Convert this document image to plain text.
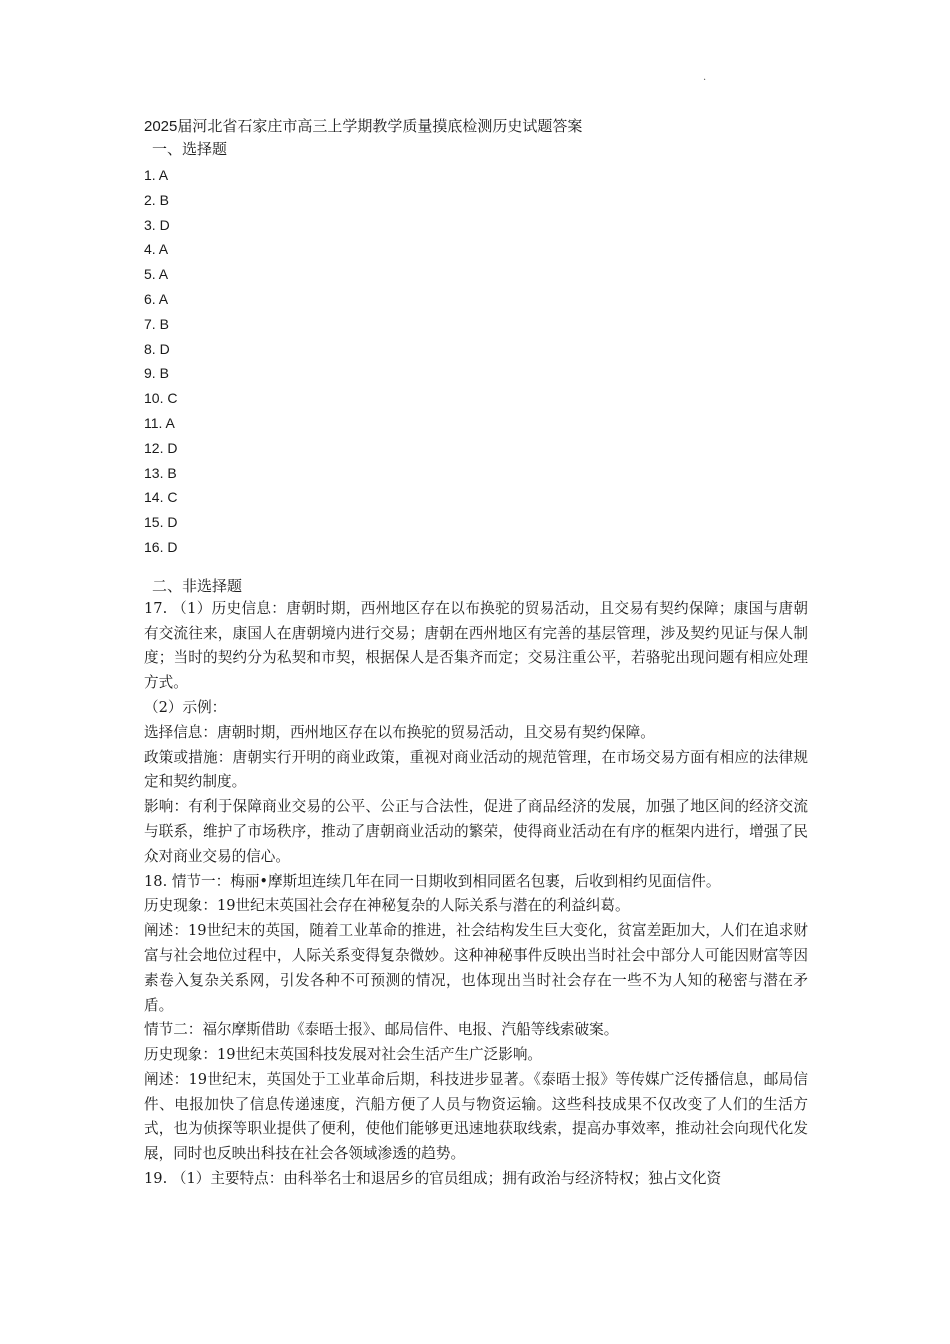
.
2025届河北省石家庄市高三上学期教学质量摸底检测历史试题答案
一、选择题
1. A
2. B
3. D
4. A
5. A
6. A
7. B
8. D
9. B
10. C
11. A
12. D
13. B
14. C
15. D
16. D
二、非选择题

17. （1）历史信息：唐朝时期，西州地区存在以布换驼的贸易活动，且交易有契约保障；康国与唐朝有交流往来，康国人在唐朝境内进行交易；唐朝在西州地区有完善的基层管理，涉及契约见证与保人制度；当时的契约分为私契和市契，根据保人是否集齐而定；交易注重公平，若骆驼出现问题有相应处理方式。

（2）示例：

选择信息：唐朝时期，西州地区存在以布换驼的贸易活动，且交易有契约保障。

政策或措施：唐朝实行开明的商业政策，重视对商业活动的规范管理，在市场交易方面有相应的法律规定和契约制度。

影响：有利于保障商业交易的公平、公正与合法性，促进了商品经济的发展，加强了地区间的经济交流与联系，维护了市场秩序，推动了唐朝商业活动的繁荣，使得商业活动在有序的框架内进行，增强了民众对商业交易的信心。

18. 情节一：梅丽•摩斯坦连续几年在同一日期收到相同匿名包裹，后收到相约见面信件。

历史现象：19世纪末英国社会存在神秘复杂的人际关系与潜在的利益纠葛。

阐述：19世纪末的英国，随着工业革命的推进，社会结构发生巨大变化，贫富差距加大，人们在追求财富与社会地位过程中，人际关系变得复杂微妙。这种神秘事件反映出当时社会中部分人可能因财富等因素卷入复杂关系网，引发各种不可预测的情况，也体现出当时社会存在一些不为人知的秘密与潜在矛盾。

情节二：福尔摩斯借助《泰晤士报》、邮局信件、电报、汽船等线索破案。

历史现象：19世纪末英国科技发展对社会生活产生广泛影响。

阐述：19世纪末，英国处于工业革命后期，科技进步显著。《泰晤士报》等传媒广泛传播信息，邮局信件、电报加快了信息传递速度，汽船方便了人员与物资运输。这些科技成果不仅改变了人们的生活方式，也为侦探等职业提供了便利，使他们能够更迅速地获取线索，提高办事效率，推动社会向现代化发展，同时也反映出科技在社会各领域渗透的趋势。

19. （1）主要特点：由科举名士和退居乡的官员组成；拥有政治与经济特权；独占文化资
